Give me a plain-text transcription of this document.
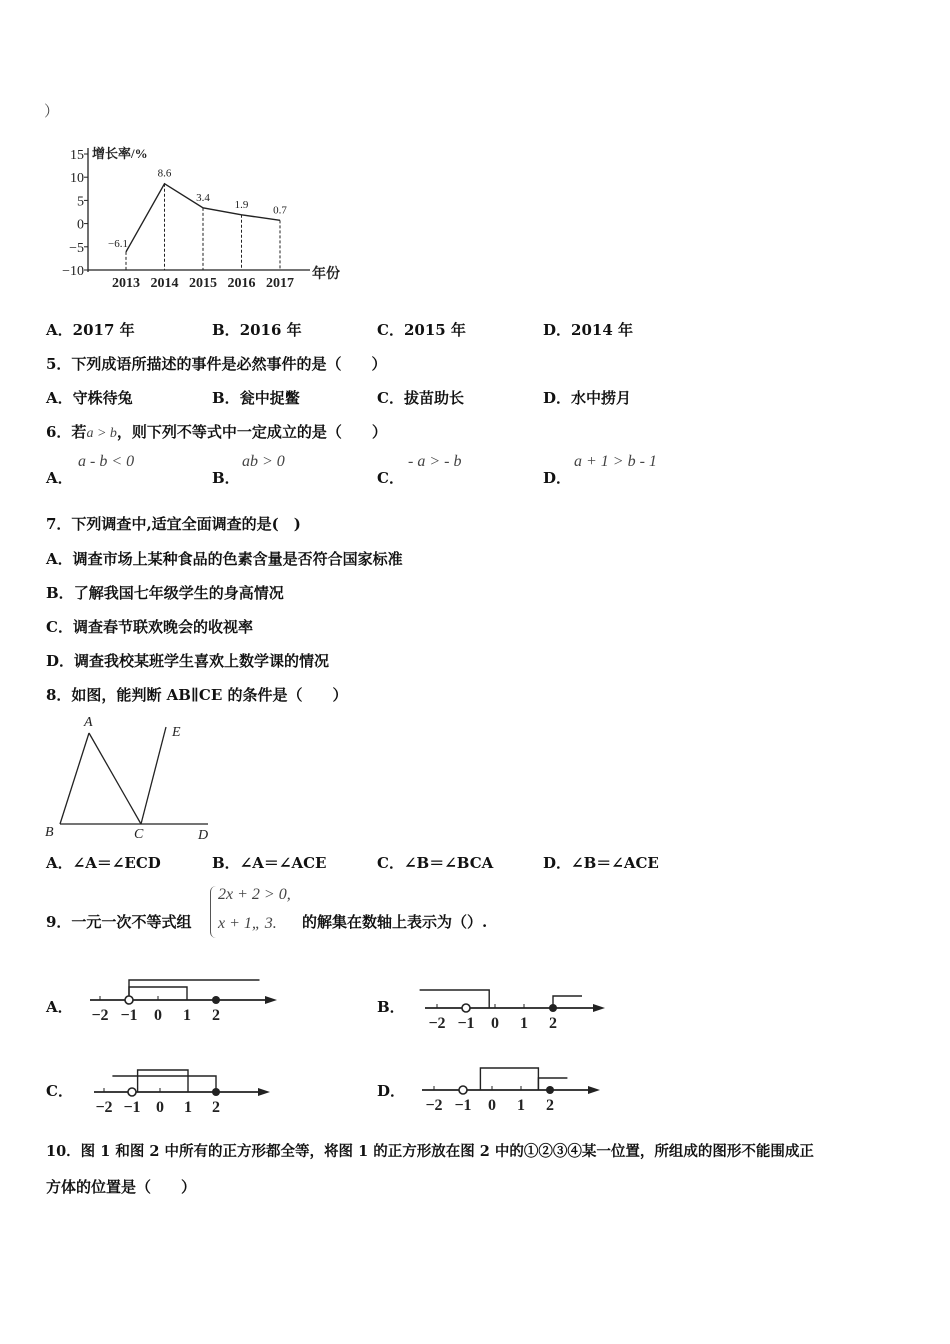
）
增长率/%
年份
15
10
5
0
−5
−10
2013
−6.1
2014
8.6
2015
3.4
2016
1.9
2017
0.7
A．2017 年	B．2016 年	C．2015 年	D．2014 年
5．下列成语所描述的事件是必然事件的是（　　）
A．守株待兔	B．瓮中捉鳖	C．拔苗助长	D．水中捞月
6．若a > b，则下列不等式中一定成立的是（　　）
A．
a - b < 0
B．
ab > 0
C．
- a > - b
D．
a + 1 > b - 1
7．下列调查中,适宜全面调查的是(　)
A．调查市场上某种食品的色素含量是否符合国家标准
B．了解我国七年级学生的身高情况
C．调查春节联欢晚会的收视率
D．调查我校某班学生喜欢上数学课的情况
8．如图，能判断 AB∥CE 的条件是（　　）
A
E
B	C	D
A．∠A＝∠ECD	B．∠A＝∠ACE	C．∠B＝∠BCA	D．∠B＝∠ACE
9．一元一次不等式组
2x + 2 > 0,
x + 1„ 3. 的解集在数轴上表示为（）.
A． −2 −1 0 1 2	B．
−2 −1 0 1 2
C．
−2 −1 0 1 2
D．
−2 −1 0 1 2
10．图 1 和图 2 中所有的正方形都全等，将图 1 的正方形放在图 2 中的①②③④某一位置，所组成的图形不能围成正
方体的位置是（　　）
